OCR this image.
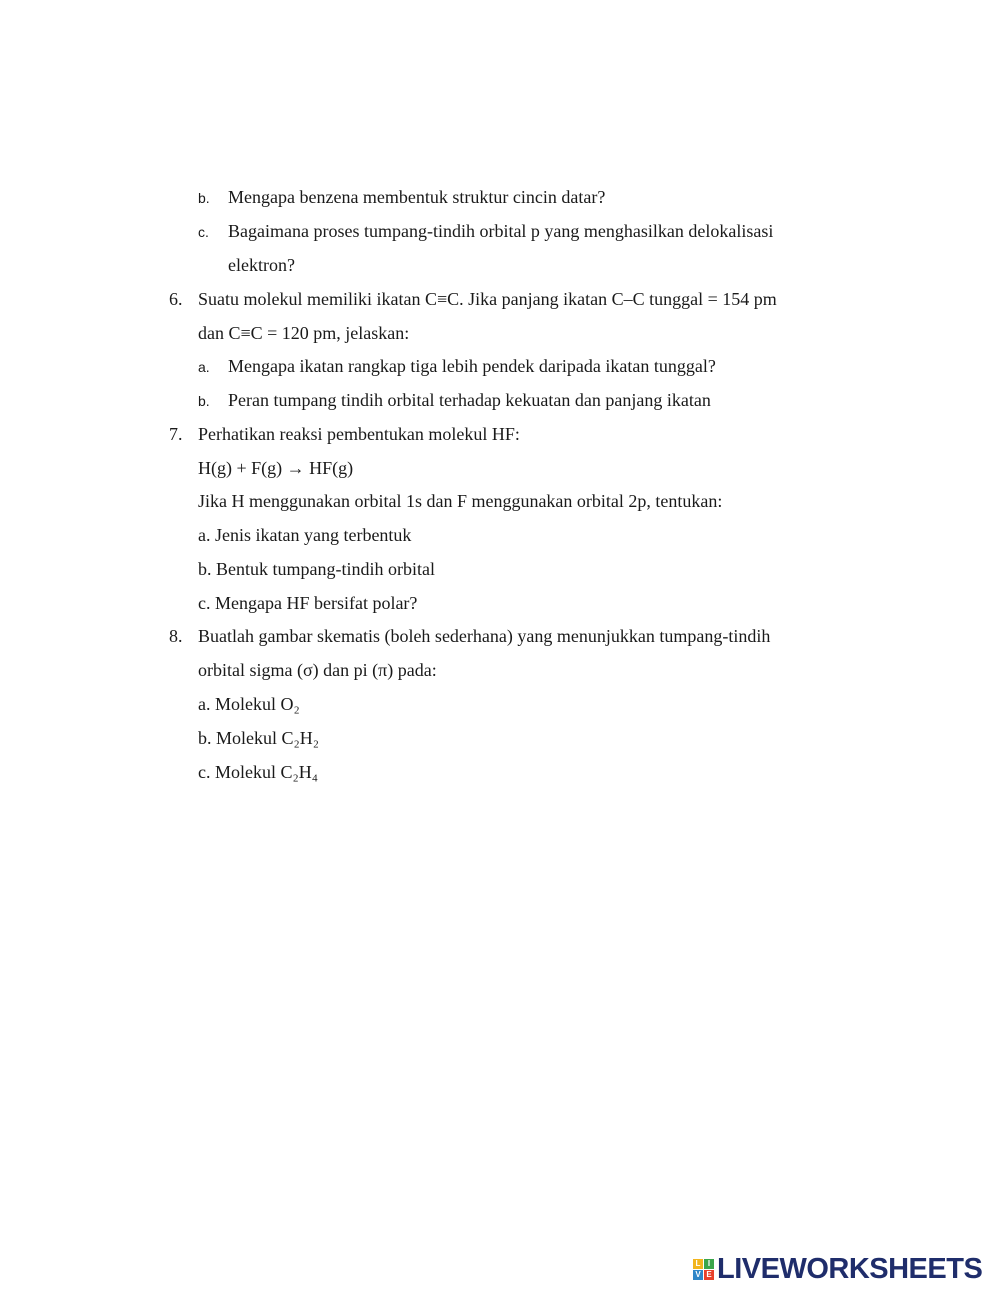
b. Mengapa benzena membentuk struktur cincin datar?
c. Bagaimana proses tumpang-tindih orbital p yang menghasilkan delokalisasi
elektron?
6. Suatu molekul memiliki ikatan C≡C. Jika panjang ikatan C–C tunggal = 154 pm
dan C≡C = 120 pm, jelaskan:
a. Mengapa ikatan rangkap tiga lebih pendek daripada ikatan tunggal?
b. Peran tumpang tindih orbital terhadap kekuatan dan panjang ikatan
7. Perhatikan reaksi pembentukan molekul HF:
H(g) + F(g) → HF(g)
Jika H menggunakan orbital 1s dan F menggunakan orbital 2p, tentukan:
a. Jenis ikatan yang terbentuk
b. Bentuk tumpang-tindih orbital
c. Mengapa HF bersifat polar?
8. Buatlah gambar skematis (boleh sederhana) yang menunjukkan tumpang-tindih
orbital sigma (σ) dan pi (π) pada:
a. Molekul O₂
b. Molekul C₂H₂
c. Molekul C₂H₄
L I
V E LIVEWORKSHEETS
